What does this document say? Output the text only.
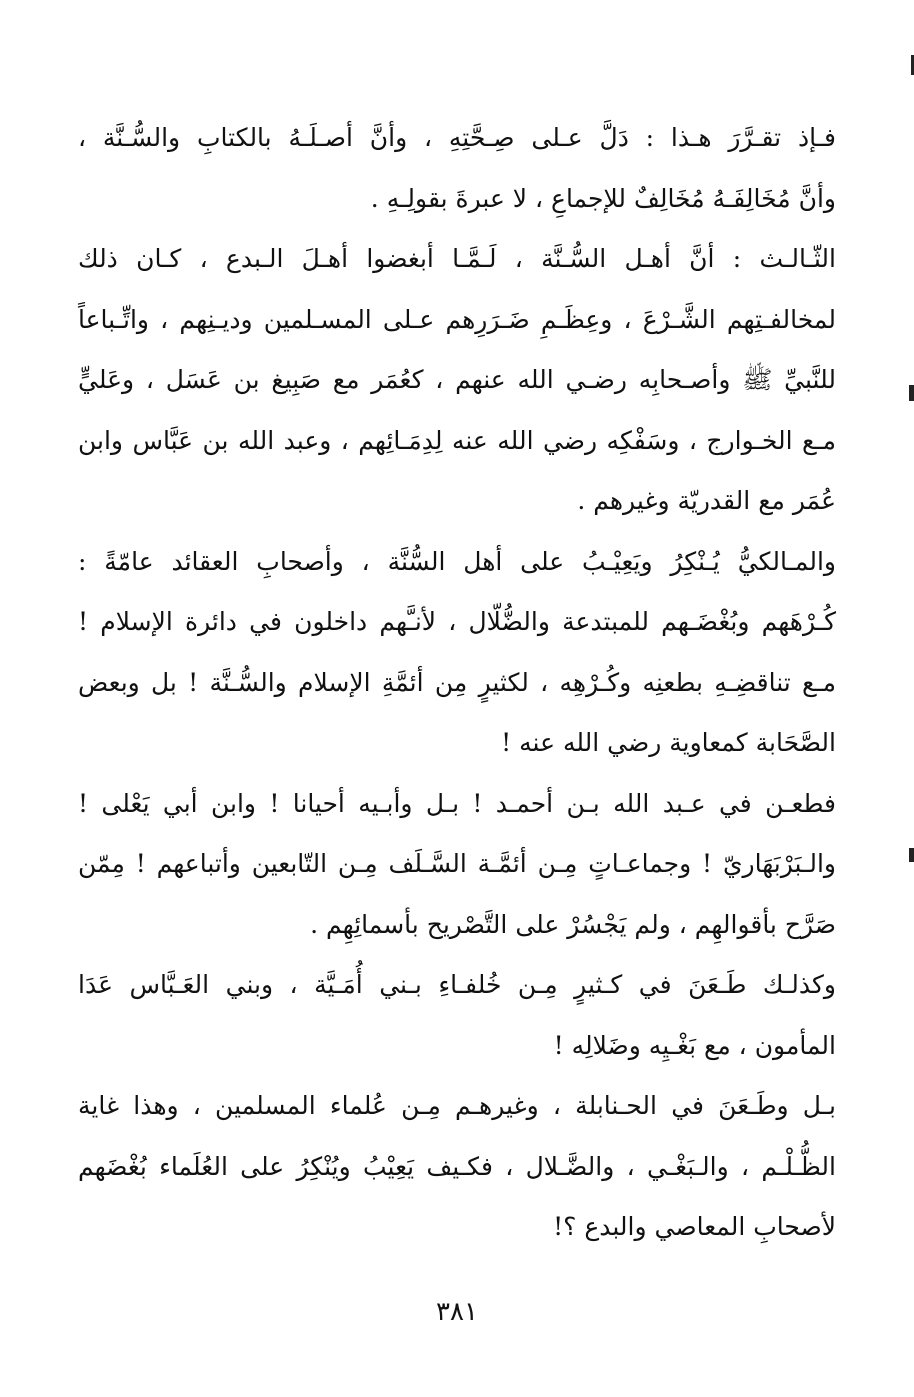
فـإذ تقـرَّرَ هـذا : دَلَّ عـلى صِـحَّتِهِ ، وأنَّ أصـلَـهُ بالكتابِ والسُّـنَّة ،
وأنَّ مُخَالِفَـهُ مُخَالِفٌ للإجماعِ ، لا عبرةَ بقولِـهِ .
الثّـالـث : أنَّ أهـل السُّـنَّة ، لَـمَّـا أبغضوا أهـلَ الـبدع ، كـان ذلك
لمخالفـتِهم الشَّـرْعَ ، وعِظَـمِ ضَـرَرِهم عـلى المسـلمين وديـنِهم ، واتِّـباعاً
للنَّبيِّ ﷺ وأصـحابِه رضـي الله عنهم ، كعُمَر مع صَبِيغ بن عَسَل ، وعَليٍّ
مـع الخـوارج ، وسَفْكِه رضي الله عنه لِدِمَـائِهم ، وعبد الله بن عَبَّاس وابن
عُمَر مع القدريّة وغيرهم .
والمـالكيُّ يُـنْكِرُ ويَعِيْـبُ على أهل السُّنَّة ، وأصحابِ العقائد عامّةً :
كُـرْهَهم وبُغْضَـهم للمبتدعة والضُّلّال ، لأنـَّهم داخلون في دائرة الإسلام !
مـع تناقضِـهِ بطعنِه وكُـرْهِه ، لكثيرٍ مِن أئمَّةِ الإسلام والسُّـنَّة ! بل وبعض
الصَّحَابة كمعاوية رضي الله عنه !
فطعـن في عـبد الله بـن أحمـد ! بـل وأبـيه أحيانا ! وابن أبي يَعْلى !
والـبَرْبَهَاريّ ! وجماعـاتٍ مِـن أئمَّـة السَّـلَف مِـن التّابعين وأتباعهم ! مِمّن
صَرَّح بأقوالهِم ، ولم يَجْسُرْ على التَّصْريح بأسمائِهِم .
وكذلـك طَـعَنَ في كـثيرٍ مِـن خُلفـاءِ بـني أُمَـيَّة ، وبني العَـبَّاس عَدَا
المأمون ، مع بَغْـيِه وضَلالِه !
بـل وطَـعَنَ في الحـنابلة ، وغيرهـم مِـن عُلماء المسلمين ، وهذا غاية
الظُّـلْـم ، والـبَغْـي ، والضَّـلال ، فكـيف يَعِيْبُ ويُنْكِرُ على العُلَماء بُغْضَهم
لأصحابِ المعاصي والبدع ؟!
٣٨١
